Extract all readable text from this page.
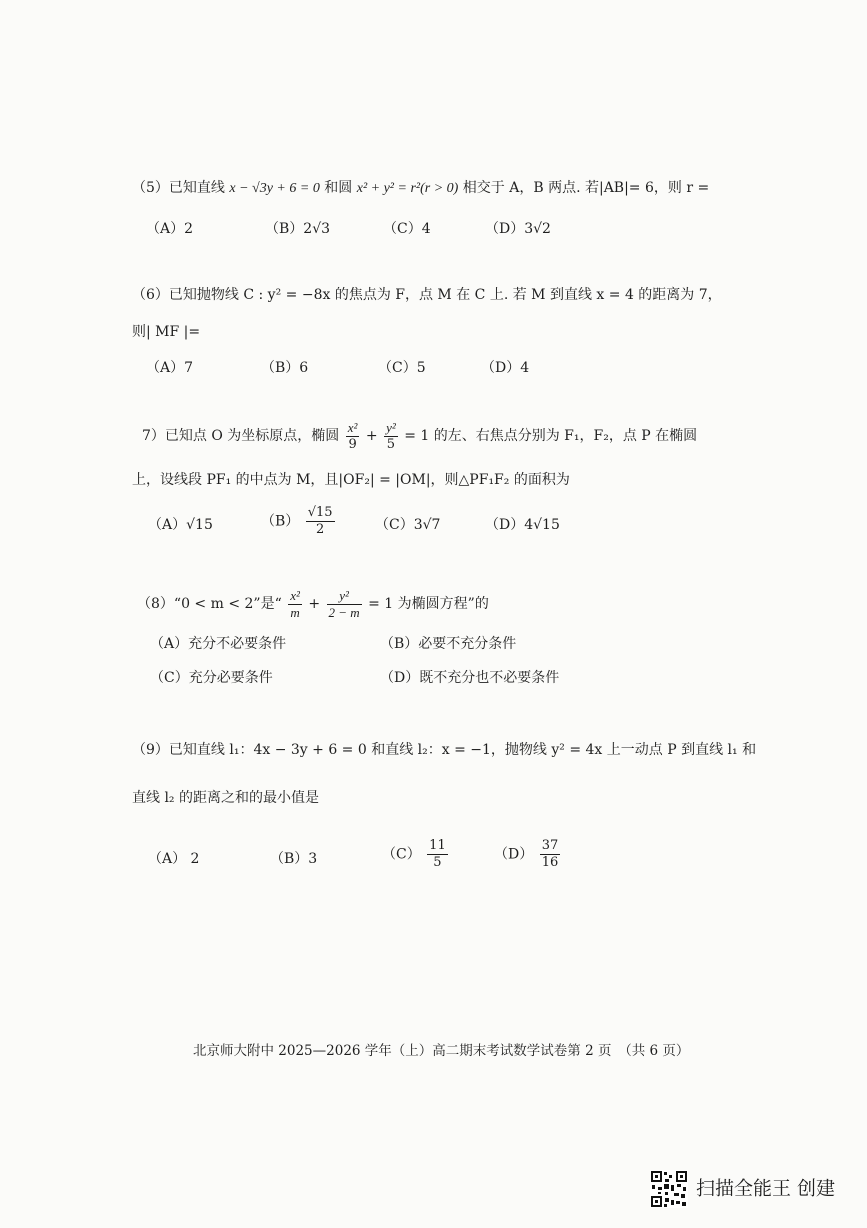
（5）已知直线 x − √3y + 6 = 0 和圆 x² + y² = r²(r > 0) 相交于 A，B 两点. 若|AB|= 6，则 r =
（A）2	（B）2√3	（C）4	（D）3√2
（6）已知抛物线 C : y² = −8x 的焦点为 F，点 M 在 C 上. 若 M 到直线 x = 4 的距离为 7，
则| MF |=
（A）7	（B）6	（C）5	（D）4
7）已知点 O 为坐标原点，椭圆 $\frac{\text{x²}}{9} + \frac{\text{y²}}{5} = 1$ 的左、右焦点分别为 F₁，F₂，点 P 在椭圆
上，设线段 PF₁ 的中点为 M，且|OF₂| = |OM|，则△PF₁F₂ 的面积为
（A）√15	$(B) \frac{√15}{2}$	（C）3√7	（D）4√15
（8）“0 < m < 2”是“ $\frac{\text{x²}}{m} + \frac{\text{y²}}{2 - m} = 1$ 为椭圆方程”的
（A）充分不必要条件	（B）必要不充分条件
（C）充分必要条件	（D）既不充分也不必要条件
（9）已知直线 l₁：4x − 3y + 6 = 0 和直线 l₂：x = −1，抛物线 y² = 4x 上一动点 P 到直线 l₁ 和
直线 l₂ 的距离之和的最小值是
（A） 2	（B）3	$(C) \frac{11}{5}$	$(D) \frac{37}{16}$
北京师大附中 2025—2026 学年（上）高二期末考试数学试卷第 2 页　（共 6 页）
扫描全能王 创建
